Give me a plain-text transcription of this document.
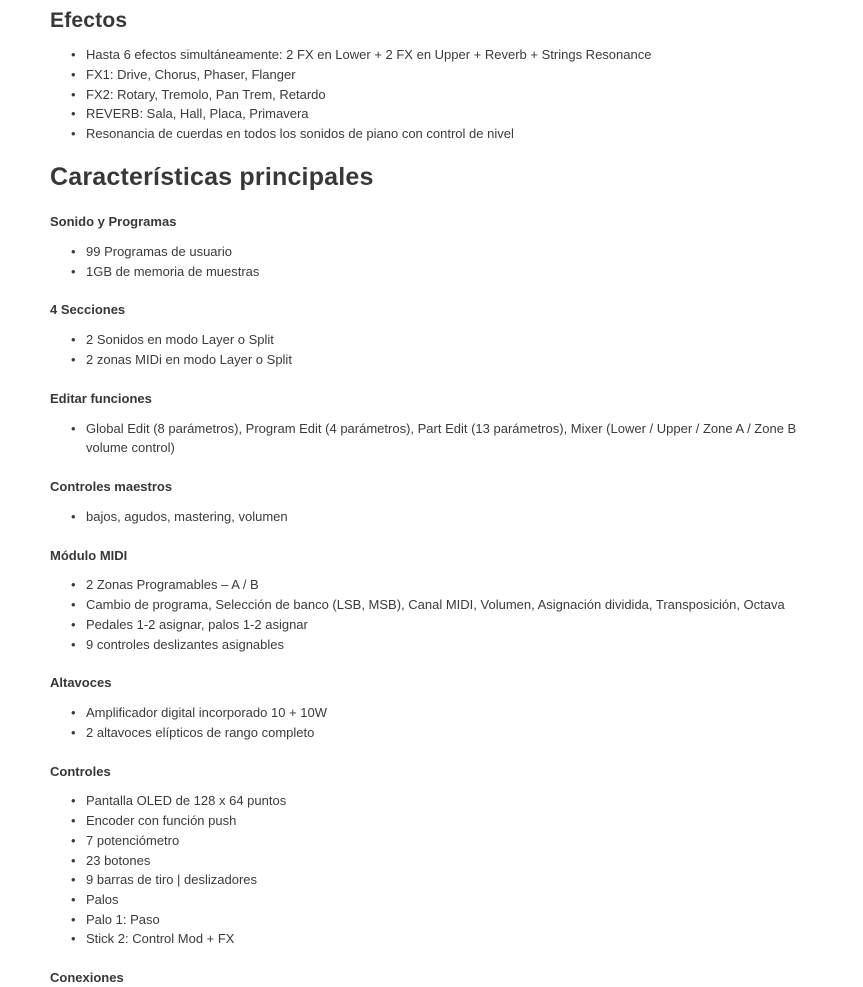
Efectos
• Hasta 6 efectos simultáneamente: 2 FX en Lower + 2 FX en Upper + Reverb + Strings Resonance
• FX1: Drive, Chorus, Phaser, Flanger
• FX2: Rotary, Tremolo, Pan Trem, Retardo
• REVERB: Sala, Hall, Placa, Primavera
• Resonancia de cuerdas en todos los sonidos de piano con control de nivel
Características principales
Sonido y Programas
• 99 Programas de usuario
• 1GB de memoria de muestras
4 Secciones
• 2 Sonidos en modo Layer o Split
• 2 zonas MIDi en modo Layer o Split
Editar funciones
• Global Edit (8 parámetros), Program Edit (4 parámetros), Part Edit (13 parámetros), Mixer (Lower / Upper / Zone A / Zone B volume control)
Controles maestros
• bajos, agudos, mastering, volumen
Módulo MIDI
• 2 Zonas Programables – A / B
• Cambio de programa, Selección de banco (LSB, MSB), Canal MIDI, Volumen, Asignación dividida, Transposición, Octava
• Pedales 1-2 asignar, palos 1-2 asignar
• 9 controles deslizantes asignables
Altavoces
• Amplificador digital incorporado 10 + 10W
• 2 altavoces elípticos de rango completo
Controles
• Pantalla OLED de 128 x 64 puntos
• Encoder con función push
• 7 potenciómetro
• 23 botones
• 9 barras de tiro | deslizadores
• Palos
• Palo 1: Paso
• Stick 2: Control Mod + FX
Conexiones
